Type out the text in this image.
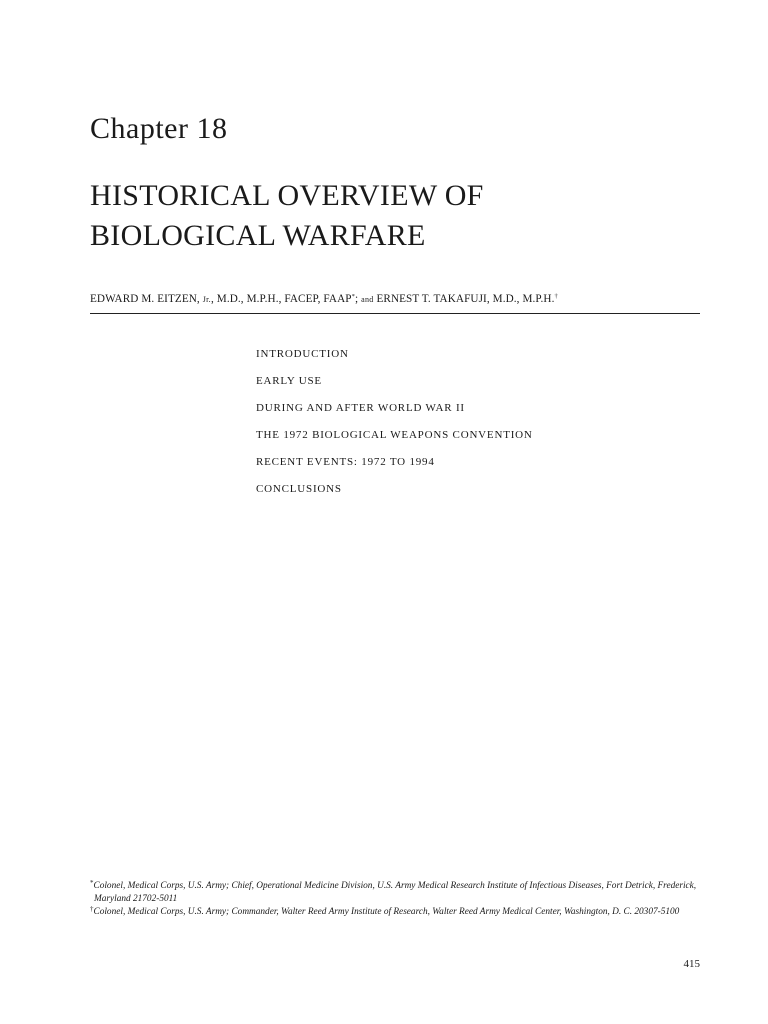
Chapter 18
HISTORICAL OVERVIEW OF
BIOLOGICAL WARFARE
EDWARD M. EITZEN, Jr., M.D., M.P.H., FACEP, FAAP*; and ERNEST T. TAKAFUJI, M.D., M.P.H.†
INTRODUCTION
EARLY USE
DURING AND AFTER WORLD WAR II
THE 1972 BIOLOGICAL WEAPONS CONVENTION
RECENT EVENTS: 1972 TO 1994
CONCLUSIONS

*Colonel, Medical Corps, U.S. Army; Chief, Operational Medicine Division, U.S. Army Medical Research Institute of Infectious Diseases, Fort Detrick, Frederick, Maryland 21702-5011

†Colonel, Medical Corps, U.S. Army; Commander, Walter Reed Army Institute of Research, Walter Reed Army Medical Center, Washington, D. C. 20307-5100

415
